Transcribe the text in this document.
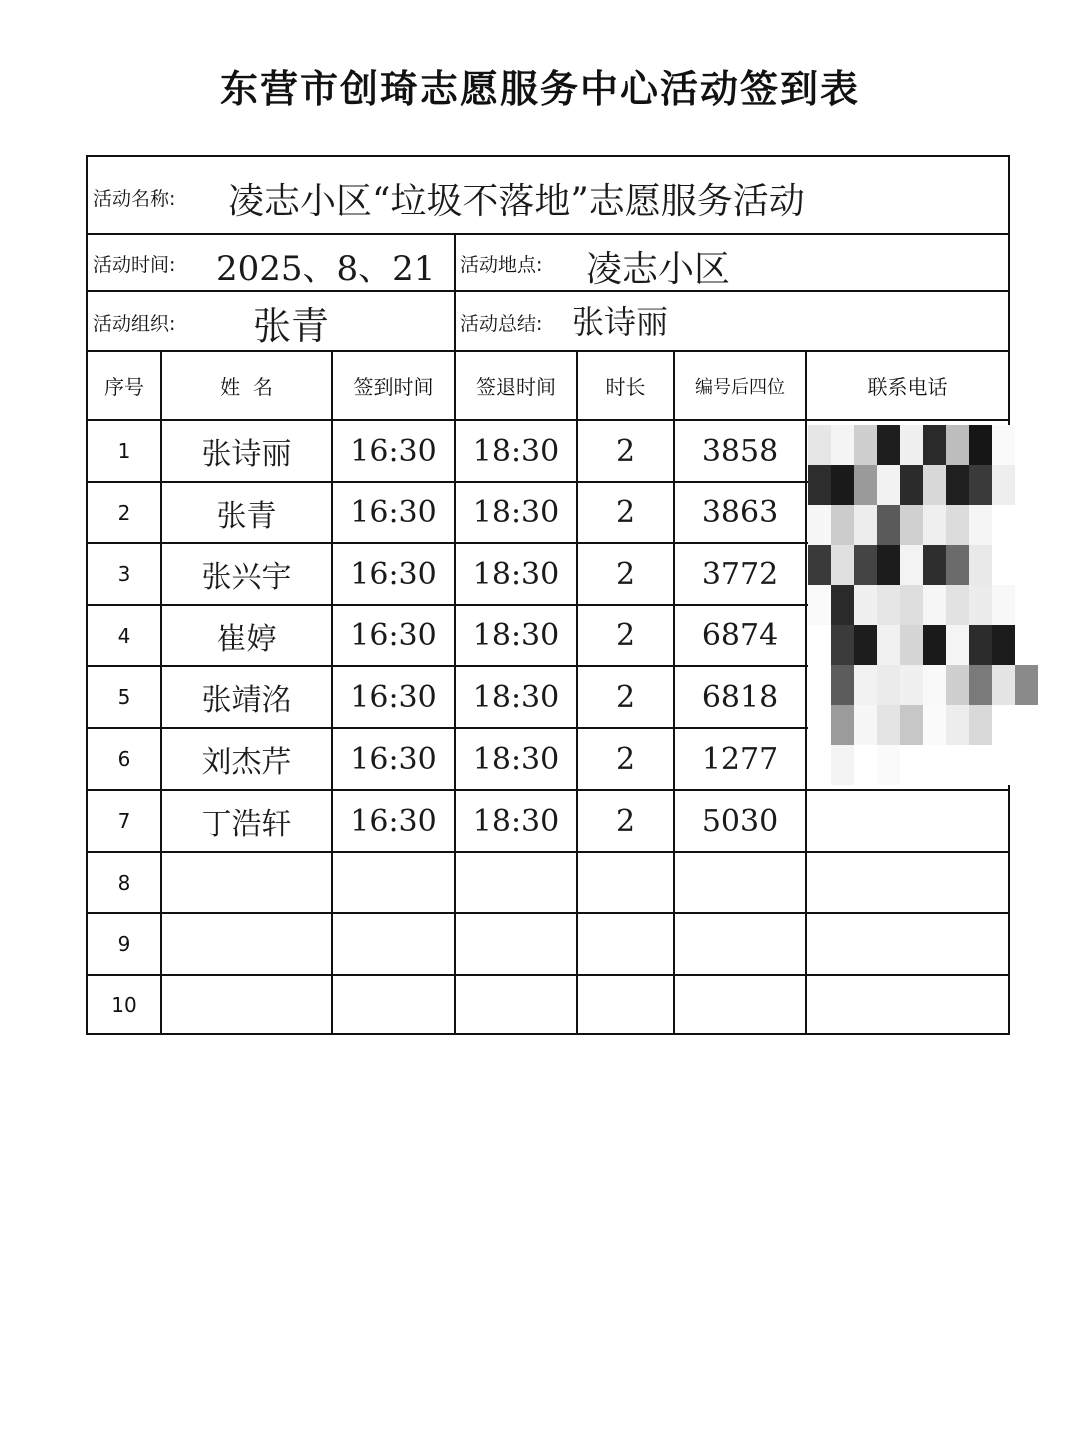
东营市创琦志愿服务中心活动签到表
活动名称: 凌志小区“垃圾不落地”志愿服务活动
活动时间: 2025、8、21 活动地点: 凌志小区
活动组织: 张青	活动总结: 张诗丽
序号	姓  名	签到时间	签退时间	时长	编号后四位	联系电话
1	张诗丽	16:30	18:30	2	3858
2	张青	16:30	18:30	2	3863
3	张兴宇	16:30	18:30	2	3772
4	崔婷	16:30	18:30	2	6874
5	张靖洺	16:30	18:30	2	6818
6	刘杰芹	16:30	18:30	2	1277
7	丁浩轩	16:30	18:30	2	5030
8
9
10
